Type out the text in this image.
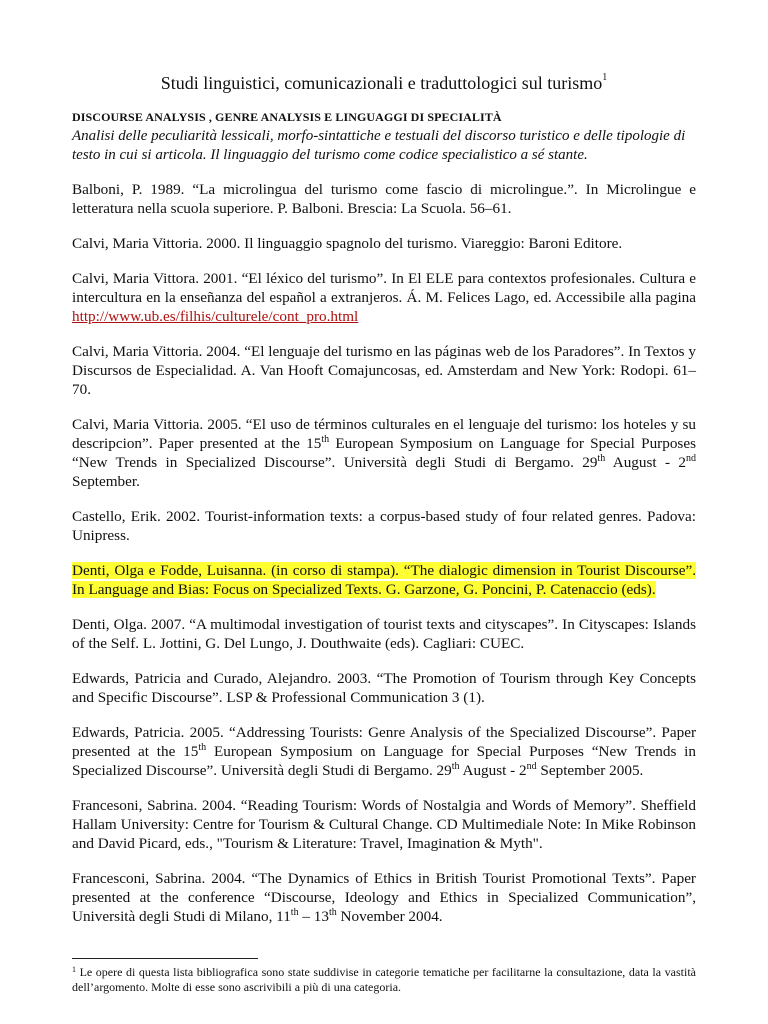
Studi linguistici, comunicazionali e traduttologici sul turismo$^1$
DISCOURSE ANALYSIS , GENRE ANALYSIS E LINGUAGGI DI SPECIALITÀ
Analisi delle peculiarità lessicali, morfo-sintattiche e testuali del discorso turistico e delle tipologie di testo in cui si articola. Il linguaggio del turismo come codice specialistico a sé stante.

Balboni, P. 1989. “La microlingua del turismo come fascio di microlingue.”. In Microlingue e letteratura nella scuola superiore. P. Balboni. Brescia: La Scuola. 56–61.

Calvi, Maria Vittoria. 2000. Il linguaggio spagnolo del turismo. Viareggio: Baroni Editore.

Calvi, Maria Vittora. 2001. “El léxico del turismo”. In El ELE para contextos profesionales. Cultura e intercultura en la enseñanza del español a extranjeros. Á. M. Felices Lago, ed. Accessibile alla pagina http://www.ub.es/filhis/culturele/cont_pro.html

Calvi, Maria Vittoria. 2004. “El lenguaje del turismo en las páginas web de los Paradores”. In Textos y Discursos de Especialidad. A. Van Hooft Comajuncosas, ed. Amsterdam and New York: Rodopi. 61–70.

Calvi, Maria Vittoria. 2005. “El uso de términos culturales en el lenguaje del turismo: los hoteles y su descripcion”. Paper presented at the 15th European Symposium on Language for Special Purposes “New Trends in Specialized Discourse”. Università degli Studi di Bergamo. 29th August - 2nd September.

Castello, Erik. 2002. Tourist-information texts: a corpus-based study of four related genres. Padova: Unipress.

Denti, Olga e Fodde, Luisanna. (in corso di stampa). “The dialogic dimension in Tourist Discourse”. In Language and Bias: Focus on Specialized Texts. G. Garzone, G. Poncini, P. Catenaccio (eds).

Denti, Olga. 2007. “A multimodal investigation of tourist texts and cityscapes”. In Cityscapes: Islands of the Self. L. Jottini, G. Del Lungo, J. Douthwaite (eds). Cagliari: CUEC.

Edwards, Patricia and Curado, Alejandro. 2003. “The Promotion of Tourism through Key Concepts and Specific Discourse”. LSP & Professional Communication 3 (1).

Edwards, Patricia. 2005. “Addressing Tourists: Genre Analysis of the Specialized Discourse”. Paper presented at the 15th European Symposium on Language for Special Purposes “New Trends in Specialized Discourse”. Università degli Studi di Bergamo. 29th August - 2nd September 2005.

Francesoni, Sabrina. 2004. “Reading Tourism: Words of Nostalgia and Words of Memory”. Sheffield Hallam University: Centre for Tourism & Cultural Change. CD Multimediale Note: In Mike Robinson and David Picard, eds., "Tourism & Literature: Travel, Imagination & Myth".

Francesconi, Sabrina. 2004. “The Dynamics of Ethics in British Tourist Promotional Texts”. Paper presented at the conference “Discourse, Ideology and Ethics in Specialized Communication”, Università degli Studi di Milano, 11th – 13th November 2004.

$^1$ Le opere di questa lista bibliografica sono state suddivise in categorie tematiche per facilitarne la consultazione, data la vastità dell’argomento. Molte di esse sono ascrivibili a più di una categoria.
